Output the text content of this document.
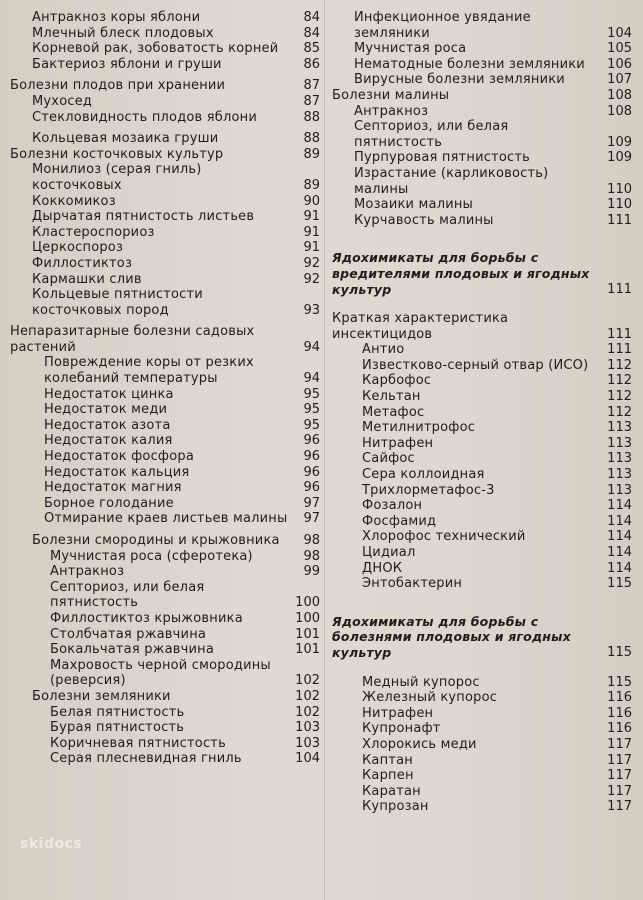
Антракноз коры яблони	84
Млечный блеск плодовых	84
Корневой рак, зобоватость корней	85
Бактериоз яблони и груши	86
Болезни плодов при хранении	87
Мухосед	87
Стекловидность плодов яблони	88
Кольцевая мозаика груши	88
Болезни косточковых культур	89
Монилиоз (серая гниль) косточковых	89
Коккомикоз	90
Дырчатая пятнистость листьев	91
Кластероспориоз	91
Церкоспороз	91
Филлостиктоз	92
Кармашки слив	92
Кольцевые пятнистости косточковых пород	93
Непаразитарные болезни садовых растений	94
Повреждение коры от резких колебаний температуры	94
Недостаток цинка	95
Недостаток меди	95
Недостаток азота	95
Недостаток калия	96
Недостаток фосфора	96
Недостаток кальция	96
Недостаток магния	96
Борное голодание	97
Отмирание краев листьев малины	97
Болезни смородины и крыжовника	98
Мучнистая роса (сферотека)	98
Антракноз	99
Септориоз, или белая пятнистость	100
Филлостиктоз крыжовника	100
Столбчатая ржавчина	101
Бокальчатая ржавчина	101
Махровость черной смородины (реверсия)	102
Болезни земляники	102
Белая пятнистость	102
Бурая пятнистость	103
Коричневая пятнистость	103
Серая плесневидная гниль	104
Инфекционное увядание земляники	104
Мучнистая роса	105
Нематодные болезни земляники	106
Вирусные болезни земляники	107
Болезни малины	108
Антракноз	108
Септориоз, или белая пятнистость	109
Пурпуровая пятнистость	109
Израстание (карликовость) малины	110
Мозаики малины	110
Курчавость малины	111
Ядохимикаты для борьбы с вредителями плодовых и ягодных культур	111
Краткая характеристика инсектицидов	111
Антио	111
Известково-серный отвар (ИСО)	112
Карбофос	112
Кельтан	112
Метафос	112
Метилнитрофос	113
Нитрафен	113
Сайфос	113
Сера коллоидная	113
Трихлорметафос-3	113
Фозалон	114
Фосфамид	114
Хлорофос технический	114
Цидиал	114
ДНОК	114
Энтобактерин	115
Ядохимикаты для борьбы с болезнями плодовых и ягодных культур	115
Медный купорос	115
Железный купорос	116
Нитрафен	116
Купронафт	116
Хлорокись меди	117
Каптан	117
Карпен	117
Каратан	117
Купрозан	117
skidocs
